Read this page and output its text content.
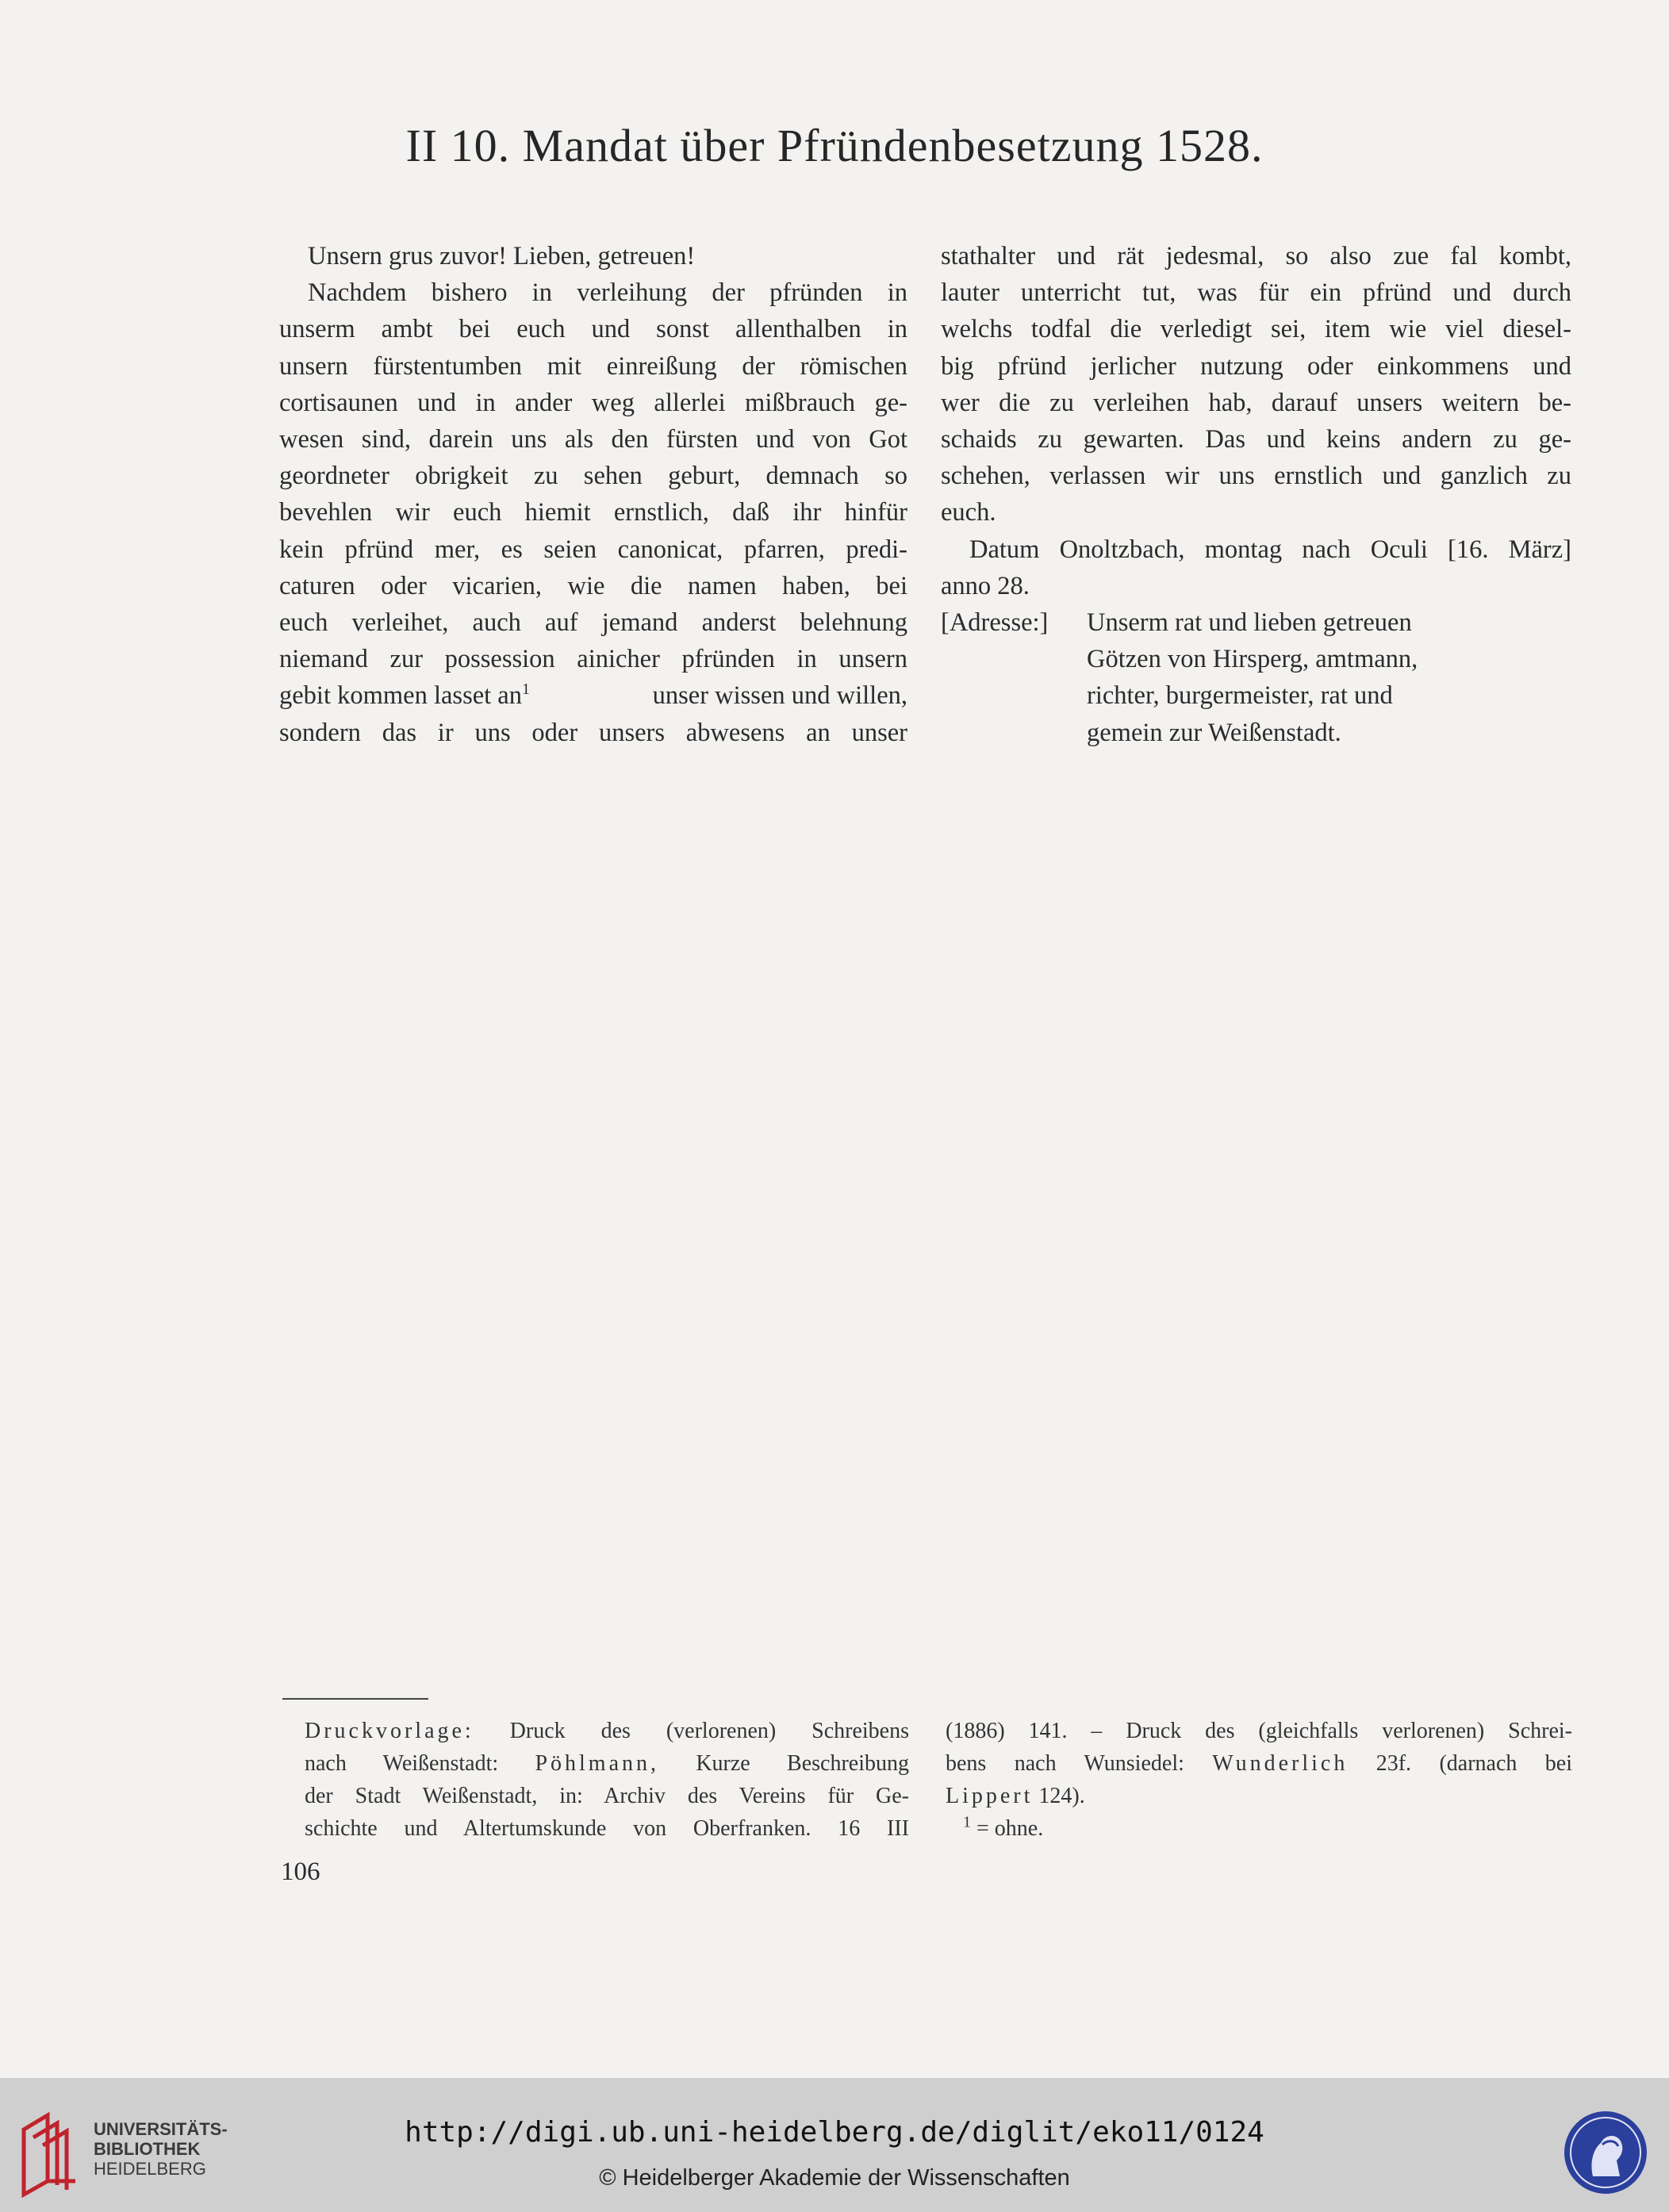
II 10. Mandat über Pfründenbesetzung 1528.
Unsern grus zuvor! Lieben, getreuen!
Nachdem bishero in verleihung der pfründen in
unserm ambt bei euch und sonst allenthalben in
unsern fürstentumben mit einreißung der römischen
cortisaunen und in ander weg allerlei mißbrauch ge-
wesen sind, darein uns als den fürsten und von Got
geordneter obrigkeit zu sehen geburt, demnach so
bevehlen wir euch hiemit ernstlich, daß ihr hinfür
kein pfründ mer, es seien canonicat, pfarren, predi-
caturen oder vicarien, wie die namen haben, bei
euch verleihet, auch auf jemand anderst belehnung
niemand zur possession ainicher pfründen in unsern
gebit kommen lasset $an^1$	unser wissen und willen,
sondern das ir uns oder unsers abwesens an unser
stathalter und rät jedesmal, so also zue fal kombt,
lauter unterricht tut, was für ein pfründ und durch
welchs todfal die verledigt sei, item wie viel diesel-
big pfründ jerlicher nutzung oder einkommens und
wer die zu verleihen hab, darauf unsers weitern be-
schaids zu gewarten. Das und keins andern zu ge-
schehen, verlassen wir uns ernstlich und ganzlich zu
euch.
Datum Onoltzbach, montag nach Oculi [16. März]
anno 28.
[Adresse:]	Unserm rat und lieben getreuen
Götzen von Hirsperg, amtmann,
richter, burgermeister, rat und
gemein zur Weißenstadt.
Druckvorlage: Druck des (verlorenen) Schreibens
nach Weißenstadt: Pöhlmann, Kurze Beschreibung
der Stadt Weißenstadt, in: Archiv des Vereins für Ge-
schichte und Altertumskunde von Oberfranken. 16 III
(1886) 141. – Druck des (gleichfalls verlorenen) Schrei-
bens nach Wunsiedel: Wunderlich 23f. (darnach bei
Lippert 124).
$^1$ = ohne.
106
UNIVERSITÄTS-
BIBLIOTHEK
HEIDELBERG
http://digi.ub.uni-heidelberg.de/diglit/eko11/0124
© Heidelberger Akademie der Wissenschaften
